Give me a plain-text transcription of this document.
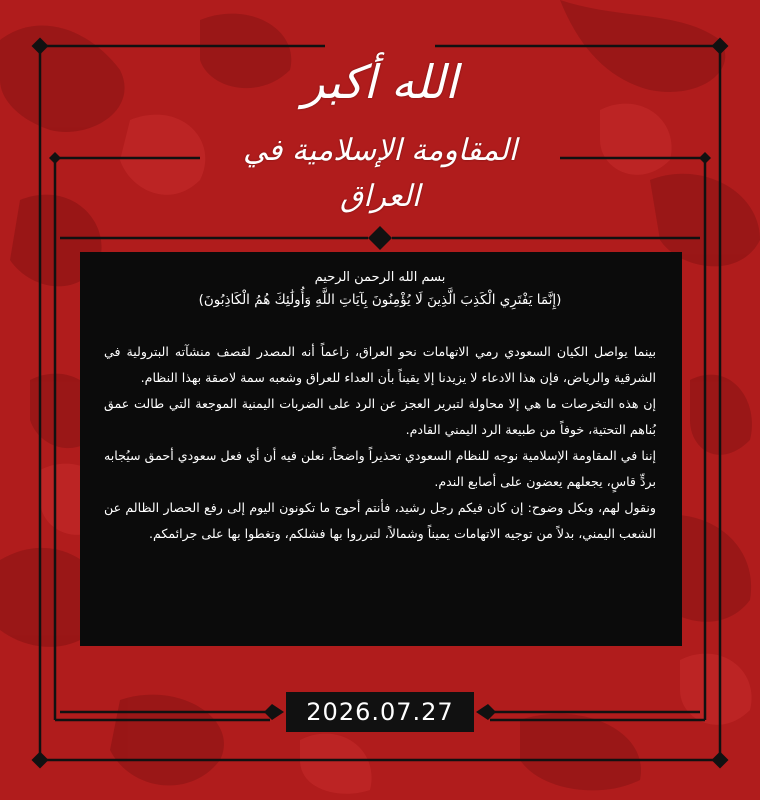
الله أكبر
المقاومة الإسلامية في العراق
بسم الله الرحمن الرحيم
(إِنَّمَا يَفْتَرِي الْكَذِبَ الَّذِينَ لَا يُؤْمِنُونَ بِآيَاتِ اللَّهِ وَأُولَٰئِكَ هُمُ الْكَاذِبُونَ)

بينما يواصل الكيان السعودي رمي الاتهامات نحو العراق، زاعماً أنه المصدر لقصف منشآته البترولية في الشرقية والرياض، فإن هذا الادعاء لا يزيدنا إلا يقيناً بأن العداء للعراق وشعبه سمة لاصقة بهذا النظام.

إن هذه التخرصات ما هي إلا محاولة لتبرير العجز عن الرد على الضربات اليمنية الموجعة التي طالت عمق بُناهم التحتية، خوفاً من طبيعة الرد اليمني القادم.

إننا في المقاومة الإسلامية نوجه للنظام السعودي تحذيراً واضحاً، نعلن فيه أن أي فعل سعودي أحمق سيُجابه بردٍّ قاسٍ، يجعلهم يعضون على أصابع الندم.

ونقول لهم، وبكل وضوح: إن كان فيكم رجل رشيد، فأنتم أحوج ما تكونون اليوم إلى رفع الحصار الظالم عن الشعب اليمني، بدلاً من توجيه الاتهامات يميناً وشمالاً، لتبرروا بها فشلكم، وتغطوا بها على جرائمكم.

2026.07.27
